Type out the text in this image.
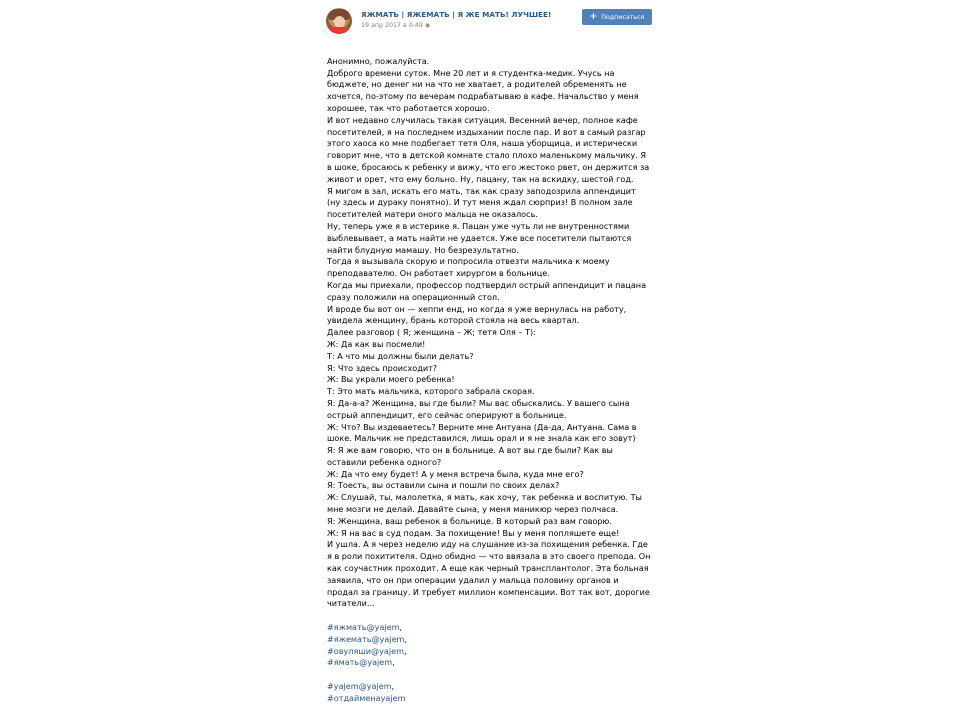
ЯЖМАТЬ | ЯЖЕМАТЬ | Я ЖЕ МАТЬ! ЛУЧШЕЕ!
19 апр 2017 в 0:49 ◉
+ Подписаться

Анонимно, пожалуйста.
Доброго времени суток. Мне 20 лет и я студентка-медик. Учусь на бюджете, но денег ни на что не хватает, а родителей обременять не хочется, по-этому по вечерам подрабатываю в кафе. Начальство у меня хорошее, так что работается хорошо.
И вот недавно случилась такая ситуация. Весенний вечер, полное кафе посетителей, я на последнем издыхании после пар. И вот в самый разгар этого хаоса ко мне подбегает тетя Оля, наша уборщица, и истерически говорит мне, что в детской комнате стало плохо маленькому мальчику. Я в шоке, бросаюсь к ребенку и вижу, что его жестоко рвет, он держится за живот и орет, что ему больно. Ну, пацану, так на вскидку, шестой год.
Я мигом в зал, искать его мать, так как сразу заподозрила аппендицит (ну здесь и дураку понятно). И тут меня ждал сюрприз! В полном зале посетителей матери оного мальца не оказалось.
Ну, теперь уже я в истерике я. Пацан уже чуть ли не внутренностями выблевывает, а мать найти не удается. Уже все посетители пытаются найти блудную мамашу. Но безрезультатно.
Тогда я вызывала скорую и попросила отвезти мальчика к моему преподавателю. Он работает хирургом в больнице.
Когда мы приехали, профессор подтвердил острый аппендицит и пацана сразу положили на операционный стол.
И вроде бы вот он — хеппи енд, но когда я уже вернулась на работу, увидела женщину, брань которой стояла на весь квартал.
Далее разговор ( Я; женщина – Ж; тетя Оля – Т):
Ж: Да как вы посмели!
Т: А что мы должны были делать?
Я: Что здесь происходит?
Ж: Вы украли моего ребенка!
Т: Это мать мальчика, которого забрала скорая.
Я: Да-а-а? Женщина, вы где были? Мы вас обыскались. У вашего сына острый аппендицит, его сейчас оперируют в больнице.
Ж: Что? Вы издеваетесь? Верните мне Антуана (Да-да, Антуана. Сама в шоке. Мальчик не представился, лишь орал и я не знала как его зовут)
Я: Я же вам говорю, что он в больнице. А вот вы где были? Как вы оставили ребенка одного?
Ж: Да что ему будет! А у меня встреча была, куда мне его?
Я: Тоесть, вы оставили сына и пошли по своих делах?
Ж: Слушай, ты, малолетка, я мать, как хочу, так ребенка и воспитую. Ты мне мозги не делай. Давайте сына, у меня маникюр через полчаса.
Я: Женщина, ваш ребенок в больнице. В который раз вам говорю.
Ж: Я на вас в суд подам. За похищение! Вы у меня попляшете еще!
И ушла. А я через неделю иду на слушание из-за похищения ребенка. Где я в роли похитителя. Одно обидно — что ввязала в это своего преподa. Он как соучастник проходит. А еще как черный трансплантолог. Эта больная заявила, что он при операции удалил у мальца половину органов и продал за границу. И требует миллион компенсации. Вот так вот, дорогие читатели…

#яжмать@yajem,
#яжемать@yajem,
#овуляши@yajem,
#ямать@yajem,

#yajem@yajem,
#отдайменаyajem
